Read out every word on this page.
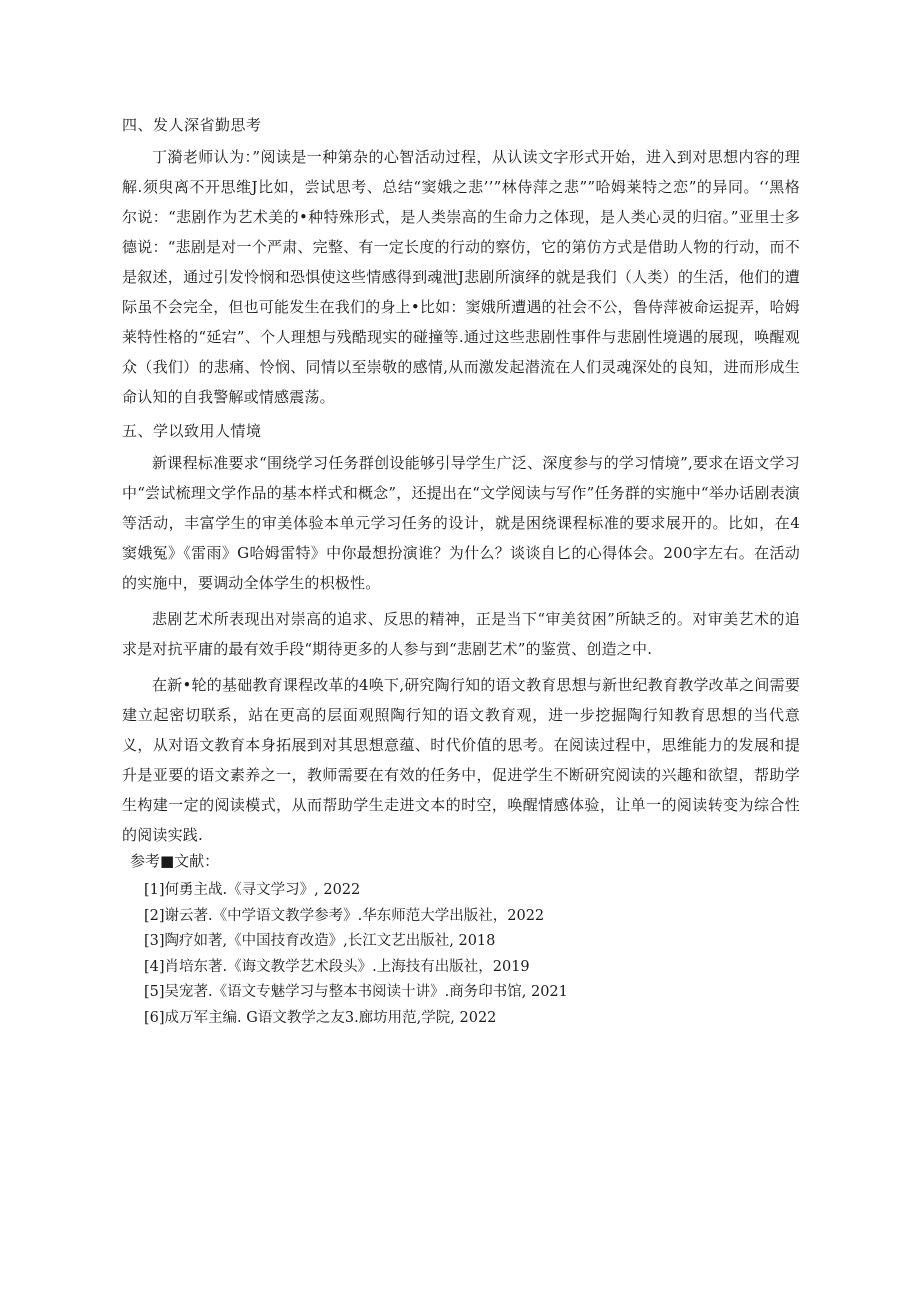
四、发人深省勤思考

丁漪老师认为：”阅读是一种第杂的心智活动过程，从认读文字形式开始，进入到对思想内容的理解.须臾离不开思维J比如，尝试思考、总结“窦娥之悲’’”林侍萍之悲””哈姆莱特之恋”的异同。‘‘黑格尔说：“悲剧作为艺术美的•种特殊形式，是人类崇高的生命力之体现，是人类心灵的归宿。”亚里士多德说：“悲剧是对一个严肃、完整、有一定长度的行动的察仿，它的第仿方式是借助人物的行动，而不是叙述，通过引发怜悯和恐惧使这些情感得到魂泄J悲剧所演绎的就是我们（人类）的生活，他们的遭际虽不会完全，但也可能发生在我们的身上•比如：窦娥所遭遇的社会不公，鲁侍萍被命运捉弄，哈姆莱特性格的“延宕”、个人理想与残酷现实的碰撞等.通过这些悲剧性事件与悲剧性境遇的展现，唤醒观众（我们）的悲痛、怜悯、同情以至崇敬的感情,从而激发起潜流在人们灵魂深处的良知，进而形成生命认知的自我警解或情感震荡。

五、学以致用人情境

新课程标准要求“围绕学习任务群创设能够引导学生广泛、深度参与的学习情境”,要求在语文学习中“尝试梳理文学作品的基本样式和概念”，还提出在“文学阅读与写作”任务群的实施中“举办话剧表演等活动，丰富学生的审美体验本单元学习任务的设计，就是困绕课程标准的要求展开的。比如，在4窦娥冤》《雷雨》G哈姆雷特》中你最想扮演谁？为什么？谈谈自匕的心得体会。200字左右。在活动的实施中，要调动全体学生的枳极性。

悲剧艺术所表现出对崇高的追求、反思的精神，正是当下“审美贫困”所缺乏的。对审美艺术的追求是对抗平庸的最有效手段“期待更多的人参与到“悲剧艺术”的鉴赏、创造之中.

在新•轮的基础教育课程改革的4唤下,研究陶行知的语文教育思想与新世纪教育教学改革之间需要建立起密切联系，站在更高的层面观照陶行知的语文教育观，进一步挖掘陶行知教育思想的当代意义，从对语文教育本身拓展到对其思想意蕴、时代价值的思考。在阅读过程中，思维能力的发展和提升是亚要的语文素养之一，教师需要在有效的任务中，促进学生不断研究阅读的兴趣和欲望，帮助学生构建一定的阅读模式，从而帮助学生走进文本的时空，唤醒情感体验，让单一的阅读转变为综合性的阅读实践.

参考■文献：

[1]何勇主战.《寻文学习》, 2022
[2]谢云著.《中学语文教学参考》.华东师范大学出版社，2022
[3]陶疗如著,《中国技育改造》,长江文艺出版社, 2018
[4]肖培东著.《诲文教学艺术段头》.上海技有出版社，2019
[5]吴宠著.《语文专魅学习与整本书阅读十讲》.商务印书馆, 2021
[6]成万军主编. G语文教学之友3.廊坊用范,学院, 2022
